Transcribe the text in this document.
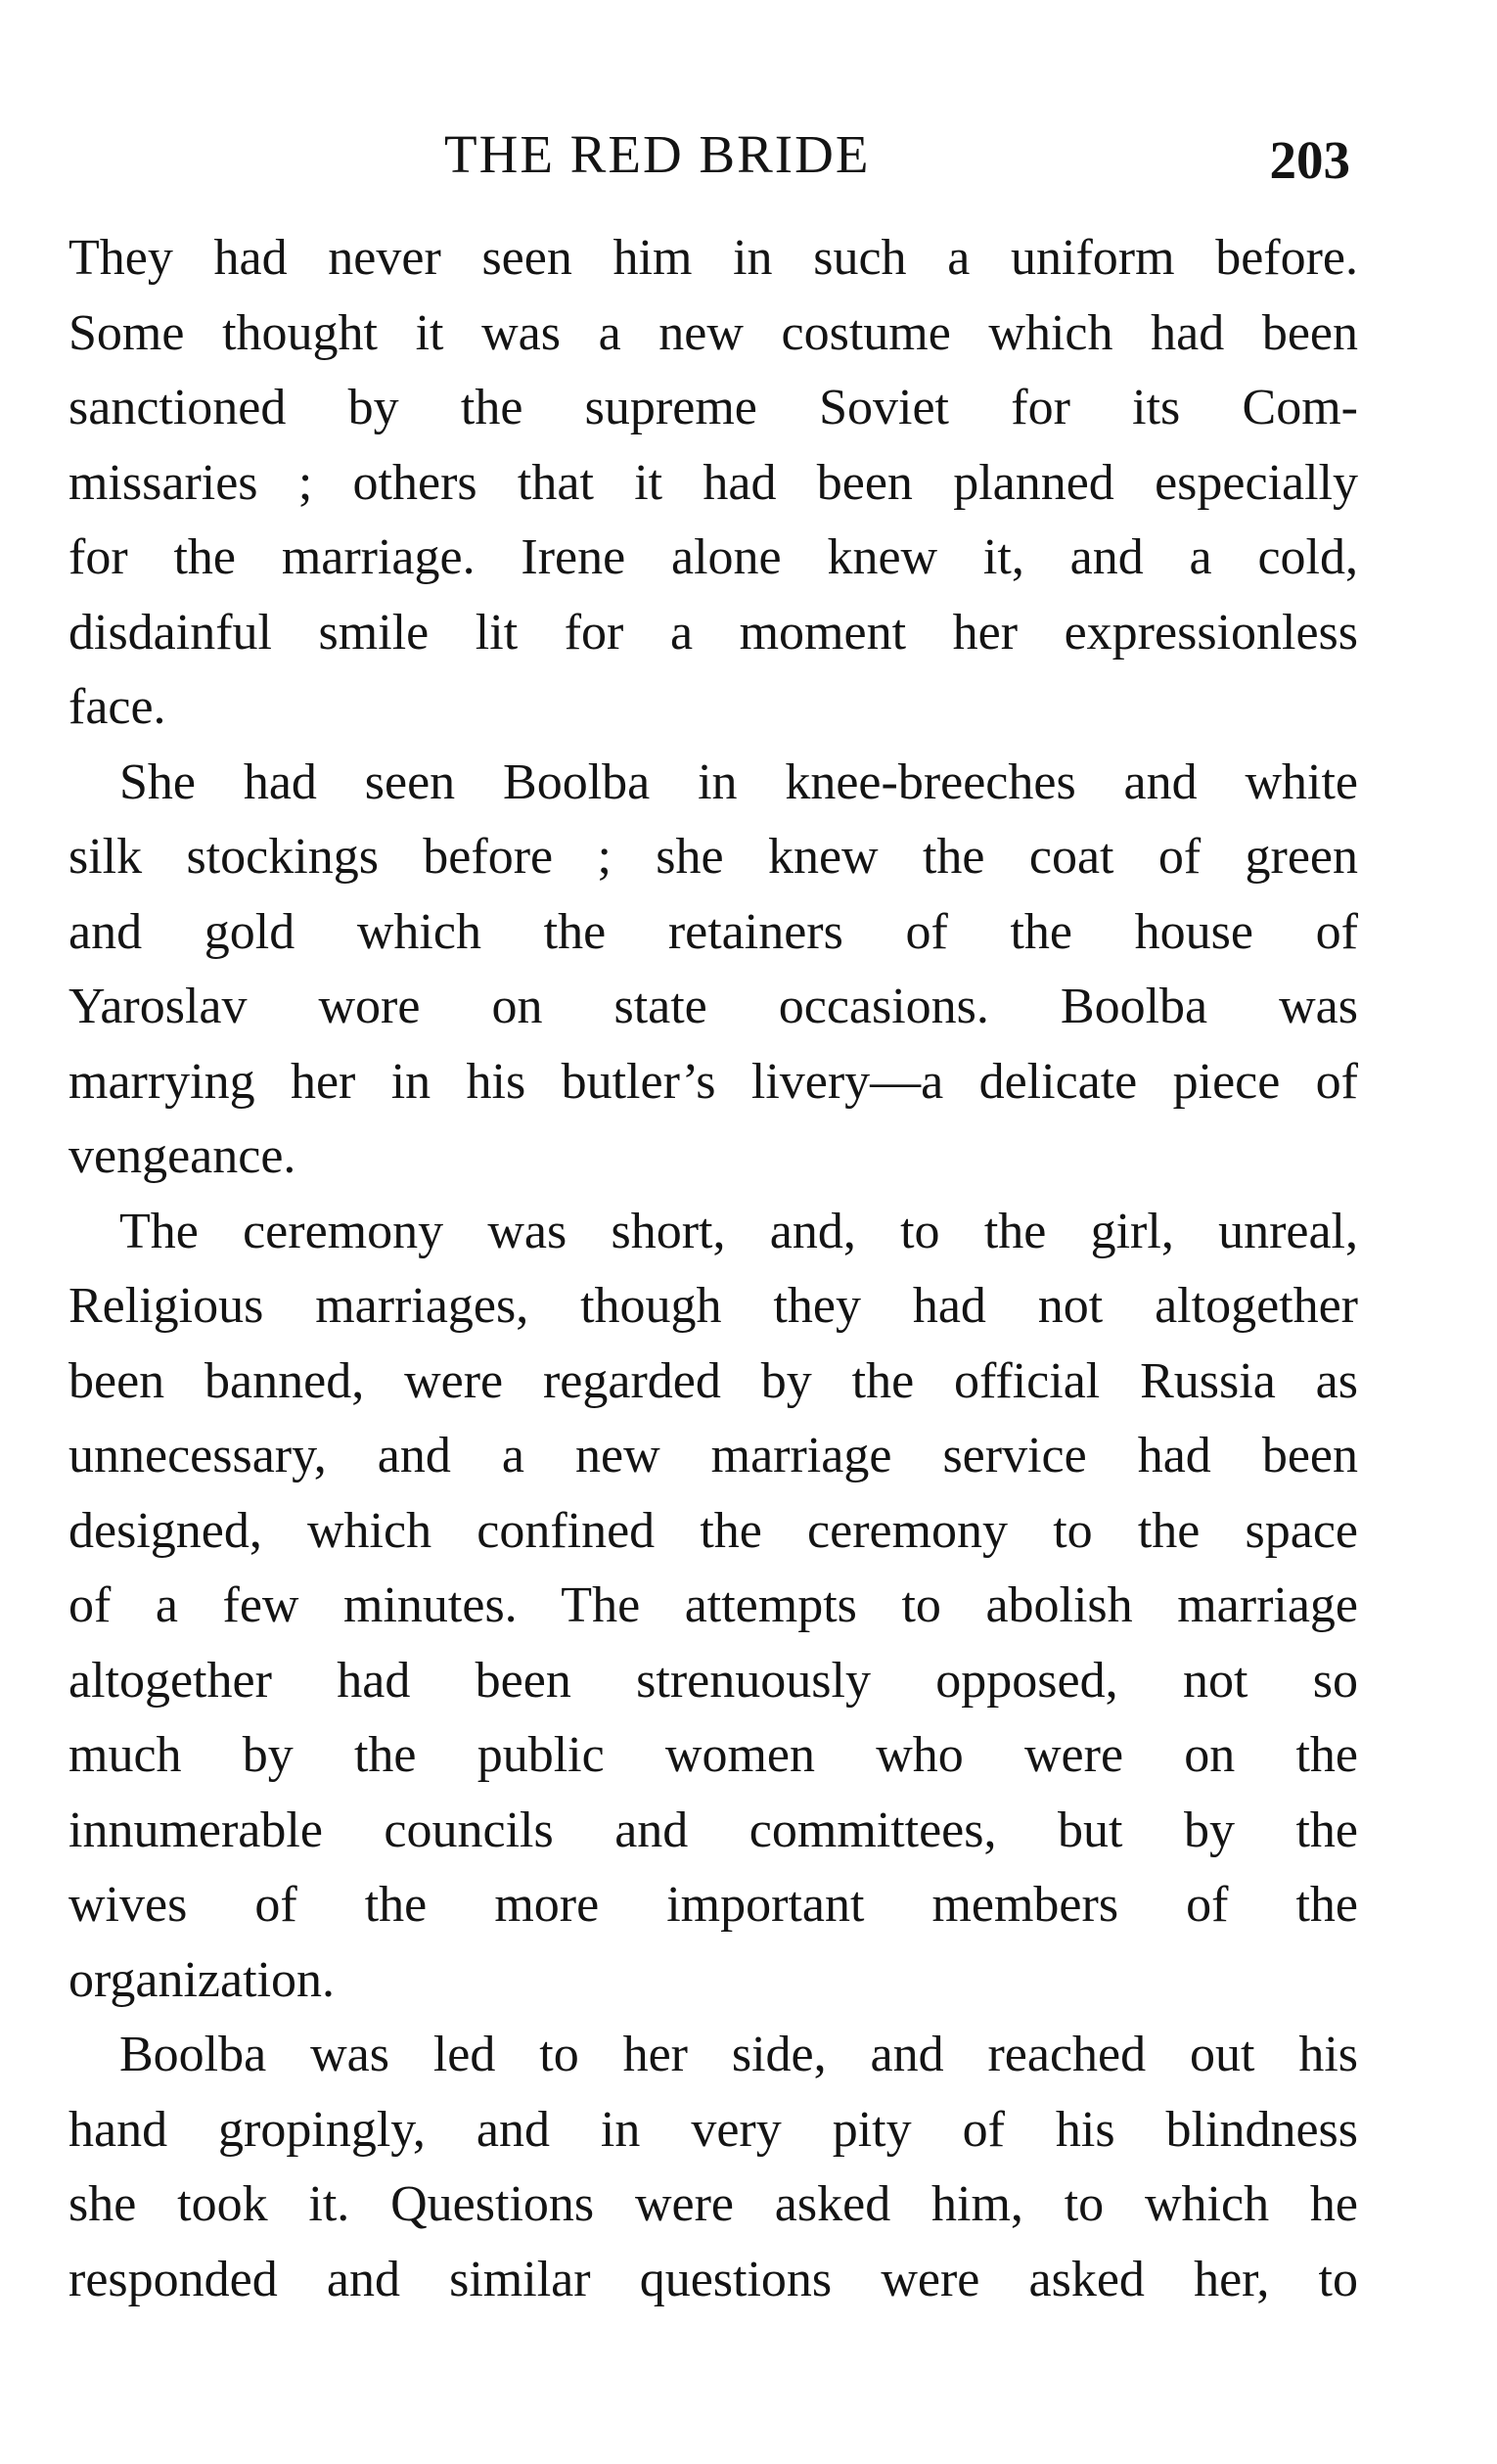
THE RED BRIDE	203
They had never seen him in such a uniform before.
Some thought it was a new costume which had been
sanctioned by the supreme Soviet for its Com-
missaries ; others that it had been planned especially
for the marriage. Irene alone knew it, and a cold,
disdainful smile lit for a moment her expressionless
face.
She had seen Boolba in knee-breeches and white
silk stockings before ; she knew the coat of green
and gold which the retainers of the house of
Yaroslav wore on state occasions. Boolba was
marrying her in his butler’s livery—a delicate piece of
vengeance.
The ceremony was short, and, to the girl, unreal,
Religious marriages, though they had not altogether
been banned, were regarded by the official Russia as
unnecessary, and a new marriage service had been
designed, which confined the ceremony to the space
of a few minutes. The attempts to abolish marriage
altogether had been strenuously opposed, not so
much by the public women who were on the
innumerable councils and committees, but by the
wives of the more important members of the
organization.
Boolba was led to her side, and reached out his
hand gropingly, and in very pity of his blindness
she took it. Questions were asked him, to which he
responded and similar questions were asked her, to
